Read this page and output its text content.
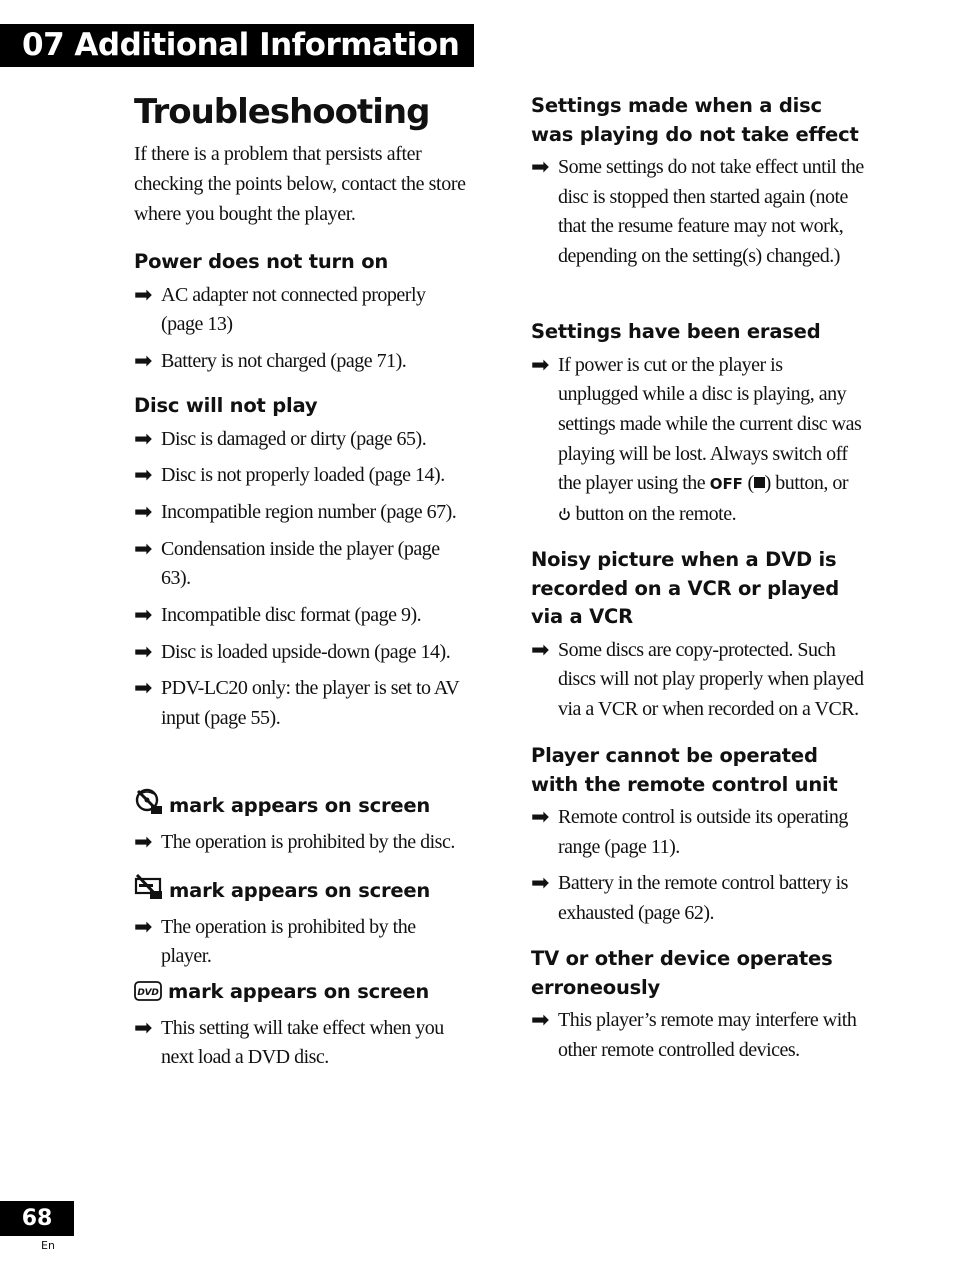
07 Additional Information
Troubleshooting

If there is a problem that persists after checking the points below, contact the store where you bought the player.

Power does not turn on
➡ AC adapter not connected properly (page 13)
➡ Battery is not charged (page 71).
Disc will not play
➡ Disc is damaged or dirty (page 65).
➡ Disc is not properly loaded (page 14).
➡ Incompatible region number (page 67).
➡ Condensation inside the player (page 63).
➡ Incompatible disc format (page 9).
➡ Disc is loaded upside-down (page 14).
➡ PDV-LC20 only: the player is set to AV input (page 55).
mark appears on screen
➡ The operation is prohibited by the disc.
mark appears on screen
➡ The operation is prohibited by the player.
DVD mark appears on screen
➡ This setting will take effect when you next load a DVD disc.
Settings made when a disc was playing do not take effect
➡ Some settings do not take effect until the disc is stopped then started again (note that the resume feature may not work, depending on the setting(s) changed.)
Settings have been erased
➡ If power is cut or the player is unplugged while a disc is playing, any settings made while the current disc was playing will be lost. Always switch off the player using the OFF ( ) button, or  button on the remote.
Noisy picture when a DVD is recorded on a VCR or played via a VCR
➡ Some discs are copy-protected. Such discs will not play properly when played via a VCR or when recorded on a VCR.
Player cannot be operated with the remote control unit
➡ Remote control is outside its operating range (page 11).
➡ Battery in the remote control battery is exhausted (page 62).
TV or other device operates erroneously
➡ This player’s remote may interfere with other remote controlled devices.
68
En
